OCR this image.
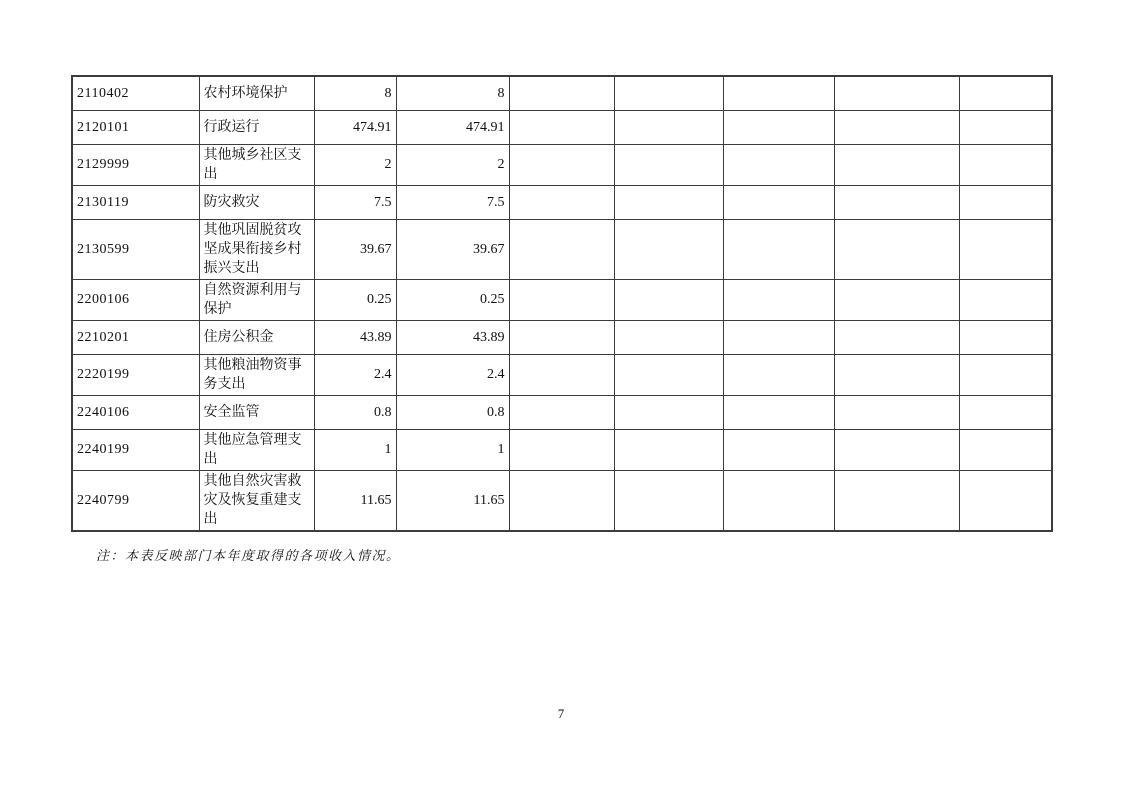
2110402	农村环境保护	8	8					
2120101	行政运行	474.91	474.91					
2129999	其他城乡社区支出	2	2					
2130119	防灾救灾	7.5	7.5					
2130599	其他巩固脱贫攻坚成果衔接乡村振兴支出	39.67	39.67					
2200106	自然资源利用与保护	0.25	0.25					
2210201	住房公积金	43.89	43.89					
2220199	其他粮油物资事务支出	2.4	2.4					
2240106	安全监管	0.8	0.8					
2240199	其他应急管理支出	1	1					
2240799	其他自然灾害救灾及恢复重建支出	11.65	11.65					

注：本表反映部门本年度取得的各项收入情况。

7
